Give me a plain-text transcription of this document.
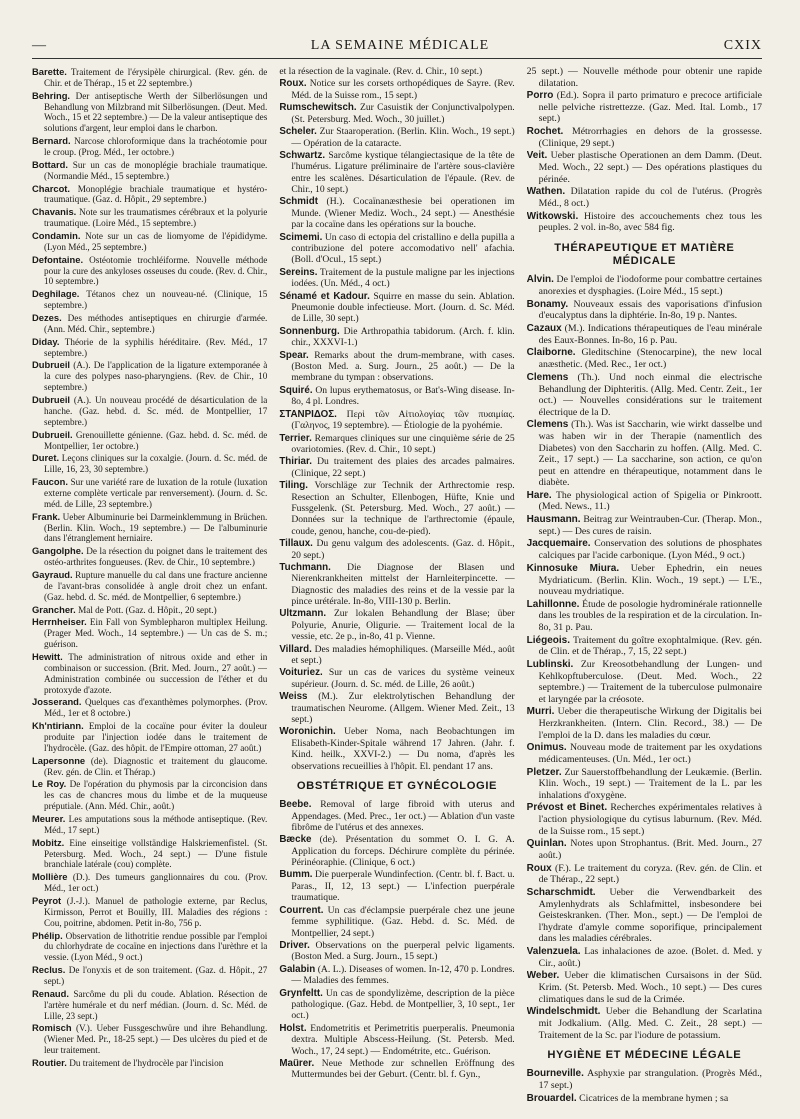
—	LA SEMAINE MÉDICALE	CXIX
Barette. Traitement de l'érysipèle chirurgical. (Rev. gén. de Chir. et de Thérap., 15 et 22 septembre.)
Behring. Der antiseptische Werth der Silberlösungen und Behandlung von Milzbrand mit Silberlösungen. (Deut. Med. Woch., 15 et 22 septembre.) — De la valeur antiseptique des solutions d'argent, leur emploi dans le charbon.
Bernard. Narcose chloroformique dans la trachéotomie pour le croup. (Prog. Méd., 1er octobre.)
Bottard. Sur un cas de monoplégie brachiale traumatique. (Normandie Méd., 15 septembre.)
Charcot. Monoplégie brachiale traumatique et hystéro-traumatique. (Gaz. d. Hôpit., 29 septembre.)
Chavanis. Note sur les traumatismes cérébraux et la polyurie traumatique. (Loire Méd., 15 septembre.)
Condamin. Note sur un cas de liomyome de l'épididyme. (Lyon Méd., 25 septembre.)
Defontaine. Ostéotomie trochléiforme. Nouvelle méthode pour la cure des ankyloses osseuses du coude. (Rev. d. Chir., 10 septembre.)
Deghilage. Tétanos chez un nouveau-né. (Clinique, 15 septembre.)
Dezes. Des méthodes antiseptiques en chirurgie d'armée. (Ann. Méd. Chir., septembre.)
Diday. Théorie de la syphilis héréditaire. (Rev. Méd., 17 septembre.)
Dubrueil (A.). De l'application de la ligature extemporanée à la cure des polypes naso-pharyngiens. (Rev. de Chir., 10 septembre.)
Dubrueil (A.). Un nouveau procédé de désarticulation de la hanche. (Gaz. hebd. d. Sc. méd. de Montpellier, 17 septembre.)
Dubrueil. Grenouillette génienne. (Gaz. hebd. d. Sc. méd. de Montpellier, 1er octobre.)
Duret. Leçons cliniques sur la coxalgie. (Journ. d. Sc. méd. de Lille, 16, 23, 30 septembre.)
Faucon. Sur une variété rare de luxation de la rotule (luxation externe complète verticale par renversement). (Journ. d. Sc. méd. de Lille, 23 septembre.)
Frank. Ueber Albuminurie bei Darmeinklemmung in Brüchen. (Berlin. Klin. Woch., 19 septembre.) — De l'albuminurie dans l'étranglement herniaire.
Gangolphe. De la résection du poignet dans le traitement des ostéo-arthrites fongueuses. (Rev. de Chir., 10 septembre.)
Gayraud. Rupture manuelle du cal dans une fracture ancienne de l'avant-bras consolidée à angle droit chez un enfant. (Gaz. hebd. d. Sc. méd. de Montpellier, 6 septembre.)
Grancher. Mal de Pott. (Gaz. d. Hôpit., 20 sept.)
Herrnheiser. Ein Fall von Symblepharon multiplex Heilung. (Prager Med. Woch., 14 septembre.) — Un cas de S. m.; guérison.
Hewitt. The administration of nitrous oxide and ether in combinaison or succession. (Brit. Med. Journ., 27 août.) — Administration combinée ou succession de l'éther et du protoxyde d'azote.
Josserand. Quelques cas d'exanthèmes polymorphes. (Prov. Méd., 1er et 8 octobre.)
Kh'ntiriann. Emploi de la cocaïne pour éviter la douleur produite par l'injection iodée dans le traitement de l'hydrocèle. (Gaz. des hôpit. de l'Empire ottoman, 27 août.)
Lapersonne (de). Diagnostic et traitement du glaucome. (Rev. gén. de Clin. et Thérap.)
Le Roy. De l'opération du phymosis par la circoncision dans les cas de chancres mous du limbe et de la muqueuse préputiale. (Ann. Méd. Chir., août.)
Meurer. Les amputations sous la méthode antiseptique. (Rev. Méd., 17 sept.)
Mobitz. Eine einseitige vollständige Halskriemenfistel. (St. Petersburg. Med. Woch., 24 sept.) — D'une fistule branchiale latérale (cou) complète.
Mollière (D.). Des tumeurs ganglionnaires du cou. (Prov. Méd., 1er oct.)
Peyrot (J.-J.). Manuel de pathologie externe, par Reclus, Kirmisson, Perrot et Bouilly, III. Maladies des régions : Cou, poitrine, abdomen. Petit in-8o, 756 p.
Phélip. Observation de lithotritie rendue possible par l'emploi du chlorhydrate de cocaïne en injections dans l'urèthre et la vessie. (Lyon Méd., 9 oct.)
Reclus. De l'onyxis et de son traitement. (Gaz. d. Hôpit., 27 sept.)
Renaud. Sarcôme du pli du coude. Ablation. Résection de l'artère humérale et du nerf médian. (Journ. d. Sc. Méd. de Lille, 23 sept.)
Romisch (V.). Ueber Fussgeschwüre und ihre Behandlung. (Wiener Med. Pr., 18-25 sept.) — Des ulcères du pied et de leur traitement.
Routier. Du traitement de l'hydrocèle par l'incision
et la résection de la vaginale. (Rev. d. Chir., 10 sept.)
Roux. Notice sur les corsets orthopédiques de Sayre. (Rev. Méd. de la Suisse rom., 15 sept.)
Rumschewitsch. Zur Casuistik der Conjunctivalpolypen. (St. Petersburg. Med. Woch., 30 juillet.)
Scheler. Zur Staaroperation. (Berlin. Klin. Woch., 19 sept.) — Opération de la cataracte.
Schwartz. Sarcôme kystique télangiectasique de la tête de l'humérus. Ligature préliminaire de l'artère sous-clavière entre les scalènes. Désarticulation de l'épaule. (Rev. de Chir., 10 sept.)
Schmidt (H.). Cocaïnanæsthesie bei operationen im Munde. (Wiener Mediz. Woch., 24 sept.) — Anesthésie par la cocaïne dans les opérations sur la bouche.
Scimemi. Un caso di ectopia del cristallino e della pupilla a contribuzione del potere accomodativo nell' afachia. (Boll. d'Ocul., 15 sept.)
Sereins. Traitement de la pustule maligne par les injections iodées. (Un. Méd., 4 oct.)
Sénamé et Kadour. Squirre en masse du sein. Ablation. Pneumonie double infectieuse. Mort. (Journ. d. Sc. Méd. de Lille, 30 sept.)
Sonnenburg. Die Arthropathia tabidorum. (Arch. f. klin. chir., XXXVI-1.)
Spear. Remarks about the drum-membrane, with cases. (Boston Med. a. Surg. Journ., 25 août.) — De la membrane du tympan : observations.
Squiré. On lupus erythematosus, or Bat's-Wing disease. In-8o, 4 pl. Londres.
ΣΤΑΝΡΙΔΟΣ. Περὶ τῶν Αἰτιολογίας τῶν πυαιμίας. (Γαληνος, 19 septembre). — Étiologie de la pyohémie.
Terrier. Remarques cliniques sur une cinquième série de 25 ovariotomies. (Rev. d. Chir., 10 sept.)
Thiriar. Du traitement des plaies des arcades palmaires. (Clinique, 22 sept.)
Tiling. Vorschläge zur Technik der Arthrectomie resp. Resection an Schulter, Ellenbogen, Hüfte, Knie und Fussgelenk. (St. Petersburg. Med. Woch., 27 août.) — Données sur la technique de l'arthrectomie (épaule, coude, genou, hanche, cou-de-pied).
Tillaux. Du genu valgum des adolescents. (Gaz. d. Hôpit., 20 sept.)
Tuchmann. Die Diagnose der Blasen und Nierenkrankheiten mittelst der Harnleiterpincette. — Diagnostic des maladies des reins et de la vessie par la pince urétérale. In-8o, VIII-130 p. Berlin.
Ultzmann. Zur lokalen Behandlung der Blase; über Polyurie, Anurie, Oligurie. — Traitement local de la vessie, etc. 2e p., in-8o, 41 p. Vienne.
Villard. Des maladies hémophiliques. (Marseille Méd., août et sept.)
Voituriez. Sur un cas de varices du système veineux supérieur. (Journ. d. Sc. méd. de Lille, 26 août.)
Weiss (M.). Zur elektrolytischen Behandlung der traumatischen Neurome. (Allgem. Wiener Med. Zeit., 13 sept.)
Woronichin. Ueber Noma, nach Beobachtungen im Elisabeth-Kinder-Spitale während 17 Jahren. (Jahr. f. Kind. heilk., XXVI-2.) — Du noma, d'après les observations recueillies à l'hôpit. El. pendant 17 ans.
OBSTÉTRIQUE ET GYNÉCOLOGIE
Beebe. Removal of large fibroid with uterus and Appendages. (Med. Prec., 1er oct.) — Ablation d'un vaste fibrôme de l'utérus et des annexes.
Bæcke (de). Présentation du sommet O. I. G. A. Application du forceps. Déchirure complète du périnée. Périnéoraphie. (Clinique, 6 oct.)
Bumm. Die puerperale Wundinfection. (Centr. bl. f. Bact. u. Paras., II, 12, 13 sept.) — L'infection puerpérale traumatique.
Courrent. Un cas d'éclampsie puerpérale chez une jeune femme syphilitique. (Gaz. Hebd. d. Sc. Méd. de Montpellier, 24 sept.)
Driver. Observations on the puerperal pelvic ligaments. (Boston Med. a Surg. Journ., 15 sept.)
Galabin (A. L.). Diseases of women. In-12, 470 p. Londres. — Maladies des femmes.
Grynfeltt. Un cas de spondylizème, description de la pièce pathologique. (Gaz. Hebd. de Montpellier, 3, 10 sept., 1er oct.)
Holst. Endometritis et Perimetritis puerperalis. Pneumonia dextra. Multiple Abscess-Heilung. (St. Petersb. Med. Woch., 17, 24 sept.) — Endométrite, etc.. Guérison.
Maürer. Neue Methode zur schnellen Eröffnung des Muttermundes bei der Geburt. (Centr. bl. f. Gyn.,
25 sept.) — Nouvelle méthode pour obtenir une rapide dilatation.
Porro (Ed.). Sopra il parto primaturo e precoce artificiale nelle pelviche ristrettezze. (Gaz. Med. Ital. Lomb., 17 sept.)
Rochet. Métrorrhagies en dehors de la grossesse. (Clinique, 29 sept.)
Veit. Ueber plastische Operationen an dem Damm. (Deut. Med. Woch., 22 sept.) — Des opérations plastiques du périnée.
Wathen. Dilatation rapide du col de l'utérus. (Progrès Méd., 8 oct.)
Witkowski. Histoire des accouchements chez tous les peuples. 2 vol. in-8o, avec 584 fig.
THÉRAPEUTIQUE ET MATIÈRE MÉDICALE
Alvin. De l'emploi de l'iodoforme pour combattre certaines anorexies et dysphagies. (Loire Méd., 15 sept.)
Bonamy. Nouveaux essais des vaporisations d'infusion d'eucalyptus dans la diphtérie. In-8o, 19 p. Nantes.
Cazaux (M.). Indications thérapeutiques de l'eau minérale des Eaux-Bonnes. In-8o, 16 p. Pau.
Claiborne. Gleditschine (Stenocarpine), the new local anæsthetic. (Med. Rec., 1er oct.)
Clemens (Th.). Und noch einmal die electrische Behandlung der Diphteritis. (Allg. Med. Centr. Zeit., 1er oct.) — Nouvelles considérations sur le traitement électrique de la D.
Clemens (Th.). Was ist Saccharin, wie wirkt dasselbe und was haben wir in der Therapie (namentlich des Diabetes) von den Saccharin zu hoffen. (Allg. Med. C. Zeit., 17 sept.) — La saccharine, son action, ce qu'on peut en attendre en thérapeutique, notamment dans le diabète.
Hare. The physiological action of Spigelia or Pinkroott. (Med. News., 11.)
Hausmann. Beitrag zur Weintrauben-Cur. (Therap. Mon., sept.) — Des cures de raisin.
Jacquemaire. Conservation des solutions de phosphates calciques par l'acide carbonique. (Lyon Méd., 9 oct.)
Kinnosuke Miura. Ueber Ephedrin, ein neues Mydriaticum. (Berlin. Klin. Woch., 19 sept.) — L'E., nouveau mydriatique.
Lahillonne. Étude de posologie hydrominérale rationnelle dans les troubles de la respiration et de la circulation. In-8o, 31 p. Pau.
Liégeois. Traitement du goître exophtalmique. (Rev. gén. de Clin. et de Thérap., 7, 15, 22 sept.)
Lublinski. Zur Kreosotbehandlung der Lungen- und Kehlkopftuberculose. (Deut. Med. Woch., 22 septembre.) — Traitement de la tuberculose pulmonaire et laryngée par la créosote.
Murri. Ueber die therapeutische Wirkung der Digitalis bei Herzkrankheiten. (Intern. Clin. Record., 38.) — De l'emploi de la D. dans les maladies du cœur.
Onimus. Nouveau mode de traitement par les oxydations médicamenteuses. (Un. Méd., 1er oct.)
Pletzer. Zur Sauerstoffbehandlung der Leukæmie. (Berlin. Klin. Woch., 19 sept.) — Traitement de la L. par les inhalations d'oxygène.
Prévost et Binet. Recherches expérimentales relatives à l'action physiologique du cytisus laburnum. (Rev. Méd. de la Suisse rom., 15 sept.)
Quinlan. Notes upon Strophantus. (Brit. Med. Journ., 27 août.)
Roux (F.). Le traitement du coryza. (Rev. gén. de Clin. et de Thérap., 22 sept.)
Scharschmidt. Ueber die Verwendbarkeit des Amylenhydrats als Schlafmittel, insbesondere bei Geisteskranken. (Ther. Mon., sept.) — De l'emploi de l'hydrate d'amyle comme soporifique, principalement dans les maladies cérébrales.
Valenzuela. Las inhalaciones de azoe. (Bolet. d. Med. y Cir., août.)
Weber. Ueber die klimatischen Cursaisons in der Süd. Krim. (St. Petersb. Med. Woch., 10 sept.) — Des cures climatiques dans le sud de la Crimée.
Windelschmidt. Ueber die Behandlung der Scarlatina mit Jodkalium. (Allg. Med. C. Zeit., 28 sept.) — Traitement de la Sc. par l'iodure de potassium.
HYGIÈNE ET MÉDECINE LÉGALE
Bourneville. Asphyxie par strangulation. (Progrès Méd., 17 sept.)
Brouardel. Cicatrices de la membrane hymen ; sa
